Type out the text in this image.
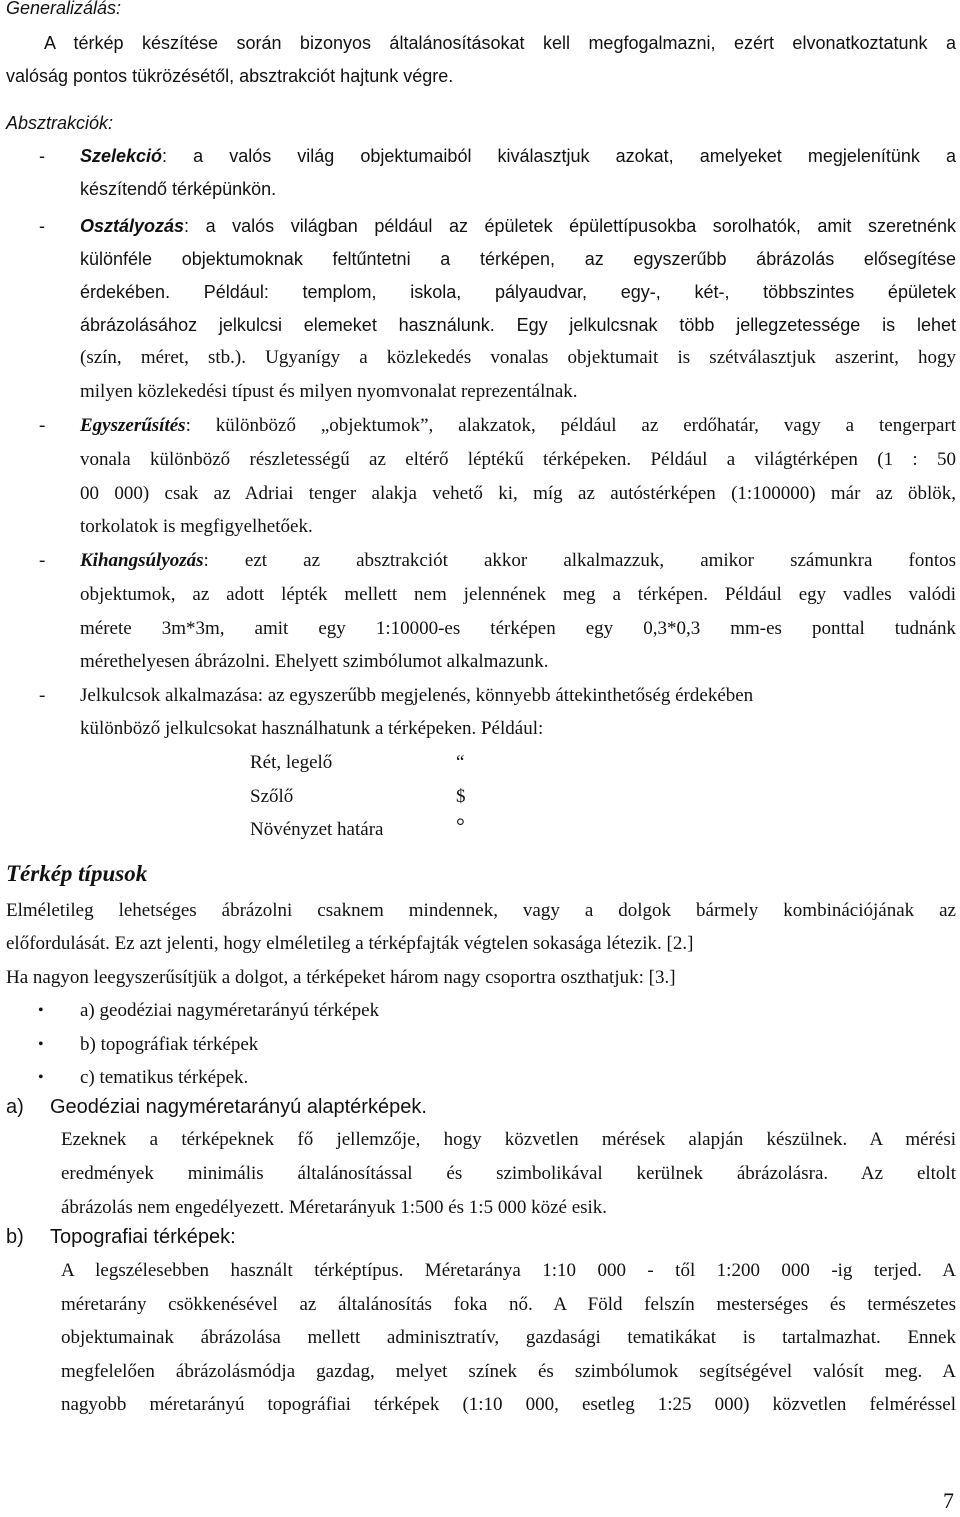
Generalizálás:
A térkép készítése során bizonyos általánosításokat kell megfogalmazni, ezért elvonatkoztatunk a
valóság pontos tükrözésétől, absztrakciót hajtunk végre.
Absztrakciók:
- Szelekció: a valós világ objektumaiból kiválasztjuk azokat, amelyeket megjelenítünk a
készítendő térképünkön.
- Osztályozás: a valós világban például az épületek épülettípusokba sorolhatók, amit szeretnénk
különféle objektumoknak feltűntetni a térképen, az egyszerűbb ábrázolás elősegítése
érdekében. Például: templom, iskola, pályaudvar, egy-, két-, többszintes épületek
ábrázolásához jelkulcsi elemeket használunk. Egy jelkulcsnak több jellegzetessége is lehet
(szín, méret, stb.). Ugyanígy a közlekedés vonalas objektumait is szétválasztjuk aszerint, hogy
milyen közlekedési típust és milyen nyomvonalat reprezentálnak.
- Egyszerűsítés: különböző „objektumok”, alakzatok, például az erdőhatár, vagy a tengerpart
vonala különböző részletességű az eltérő léptékű térképeken. Például a világtérképen (1 : 50
00 000) csak az Adriai tenger alakja vehető ki, míg az autóstérképen (1:100000) már az öblök,
torkolatok is megfigyelhetőek.
- Kihangsúlyozás: ezt az absztrakciót akkor alkalmazzuk, amikor számunkra fontos
objektumok, az adott lépték mellett nem jelennének meg a térképen. Például egy vadles valódi
mérete 3m*3m, amit egy 1:10000-es térképen egy 0,3*0,3 mm-es ponttal tudnánk
mérethelyesen ábrázolni. Ehelyett szimbólumot alkalmazunk.
- Jelkulcsok alkalmazása: az egyszerűbb megjelenés, könnyebb áttekinthetőség érdekében
különböző jelkulcsokat használhatunk a térképeken. Például:
Rét, legelő	“
Szőlő	$
Növényzet határa	°
Térkép típusok
Elméletileg lehetséges ábrázolni csaknem mindennek, vagy a dolgok bármely kombinációjának az
előfordulását. Ez azt jelenti, hogy elméletileg a térképfajták végtelen sokasága létezik. [2.]
Ha nagyon leegyszerűsítjük a dolgot, a térképeket három nagy csoportra oszthatjuk: [3.]
• a) geodéziai nagyméretarányú térképek
• b) topográfiak térképek
• c) tematikus térképek.
a) Geodéziai nagyméretarányú alaptérképek.
Ezeknek a térképeknek fő jellemzője, hogy közvetlen mérések alapján készülnek. A mérési
eredmények minimális általánosítással és szimbolikával kerülnek ábrázolásra. Az eltolt
ábrázolás nem engedélyezett. Méretarányuk 1:500 és 1:5 000 közé esik.
b) Topografiai térképek:
A legszélesebben használt térképtípus. Méretaránya 1:10 000 - től 1:200 000 -ig terjed. A
méretarány csökkenésével az általánosítás foka nő. A Föld felszín mesterséges és természetes
objektumainak ábrázolása mellett adminisztratív, gazdasági tematikákat is tartalmazhat. Ennek
megfelelően ábrázolásmódja gazdag, melyet színek és szimbólumok segítségével valósít meg. A
nagyobb méretarányú topográfiai térképek (1:10 000, esetleg 1:25 000) közvetlen felméréssel
7
